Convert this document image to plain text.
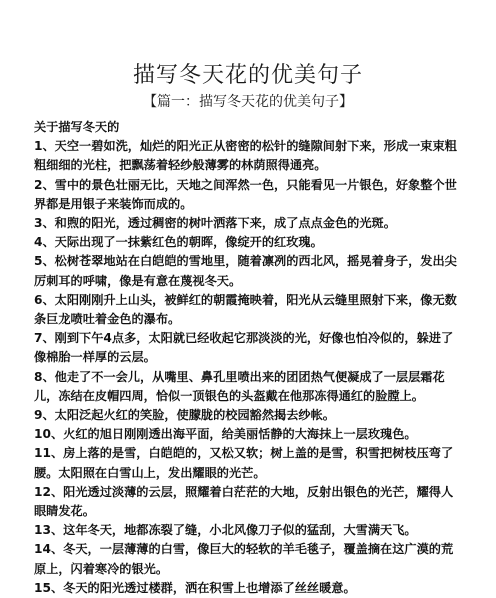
描写冬天花的优美句子
【篇一：描写冬天花的优美句子】

关于描写冬天的

1、天空一碧如洗，灿烂的阳光正从密密的松针的缝隙间射下来，形成一束束粗粗细细的光柱，把飘荡着轻纱般薄雾的林荫照得通亮。

2、雪中的景色壮丽无比，天地之间浑然一色，只能看见一片银色，好象整个世界都是用银子来装饰而成的。

3、和煦的阳光，透过稠密的树叶洒落下来，成了点点金色的光斑。

4、天际出现了一抹紫红色的朝晖，像绽开的红玫瑰。

5、松树苍翠地站在白皑皑的雪地里，随着凛冽的西北风，摇晃着身子，发出尖厉刺耳的呼啸，像是有意在蔑视冬天。

6、太阳刚刚升上山头，被鲜红的朝霞掩映着，阳光从云缝里照射下来，像无数条巨龙喷吐着金色的瀑布。

7、刚到下午4点多，太阳就已经收起它那淡淡的光，好像也怕冷似的，躲进了像棉胎一样厚的云层。

8、他走了不一会儿，从嘴里、鼻孔里喷出来的团团热气便凝成了一层层霜花儿，冻结在皮帽四周，恰似一顶银色的头盔戴在他那冻得通红的脸膛上。

9、太阳泛起火红的笑脸，使朦胧的校园豁然揭去纱帐。

10、火红的旭日刚刚透出海平面，给美丽恬静的大海抹上一层玫瑰色。

11、房上落的是雪，白皑皑的，又松又软；树上盖的是雪，积雪把树枝压弯了腰。太阳照在白雪山上，发出耀眼的光芒。

12、阳光透过淡薄的云层，照耀着白茫茫的大地，反射出银色的光芒，耀得人眼睛发花。

13、这年冬天，地都冻裂了缝，小北风像刀子似的猛刮，大雪满天飞。

14、冬天，一层薄薄的白雪，像巨大的轻软的羊毛毯子，覆盖摘在这广漠的荒原上，闪着寒冷的银光。

15、冬天的阳光透过楼群，洒在积雪上也增添了丝丝暖意。
